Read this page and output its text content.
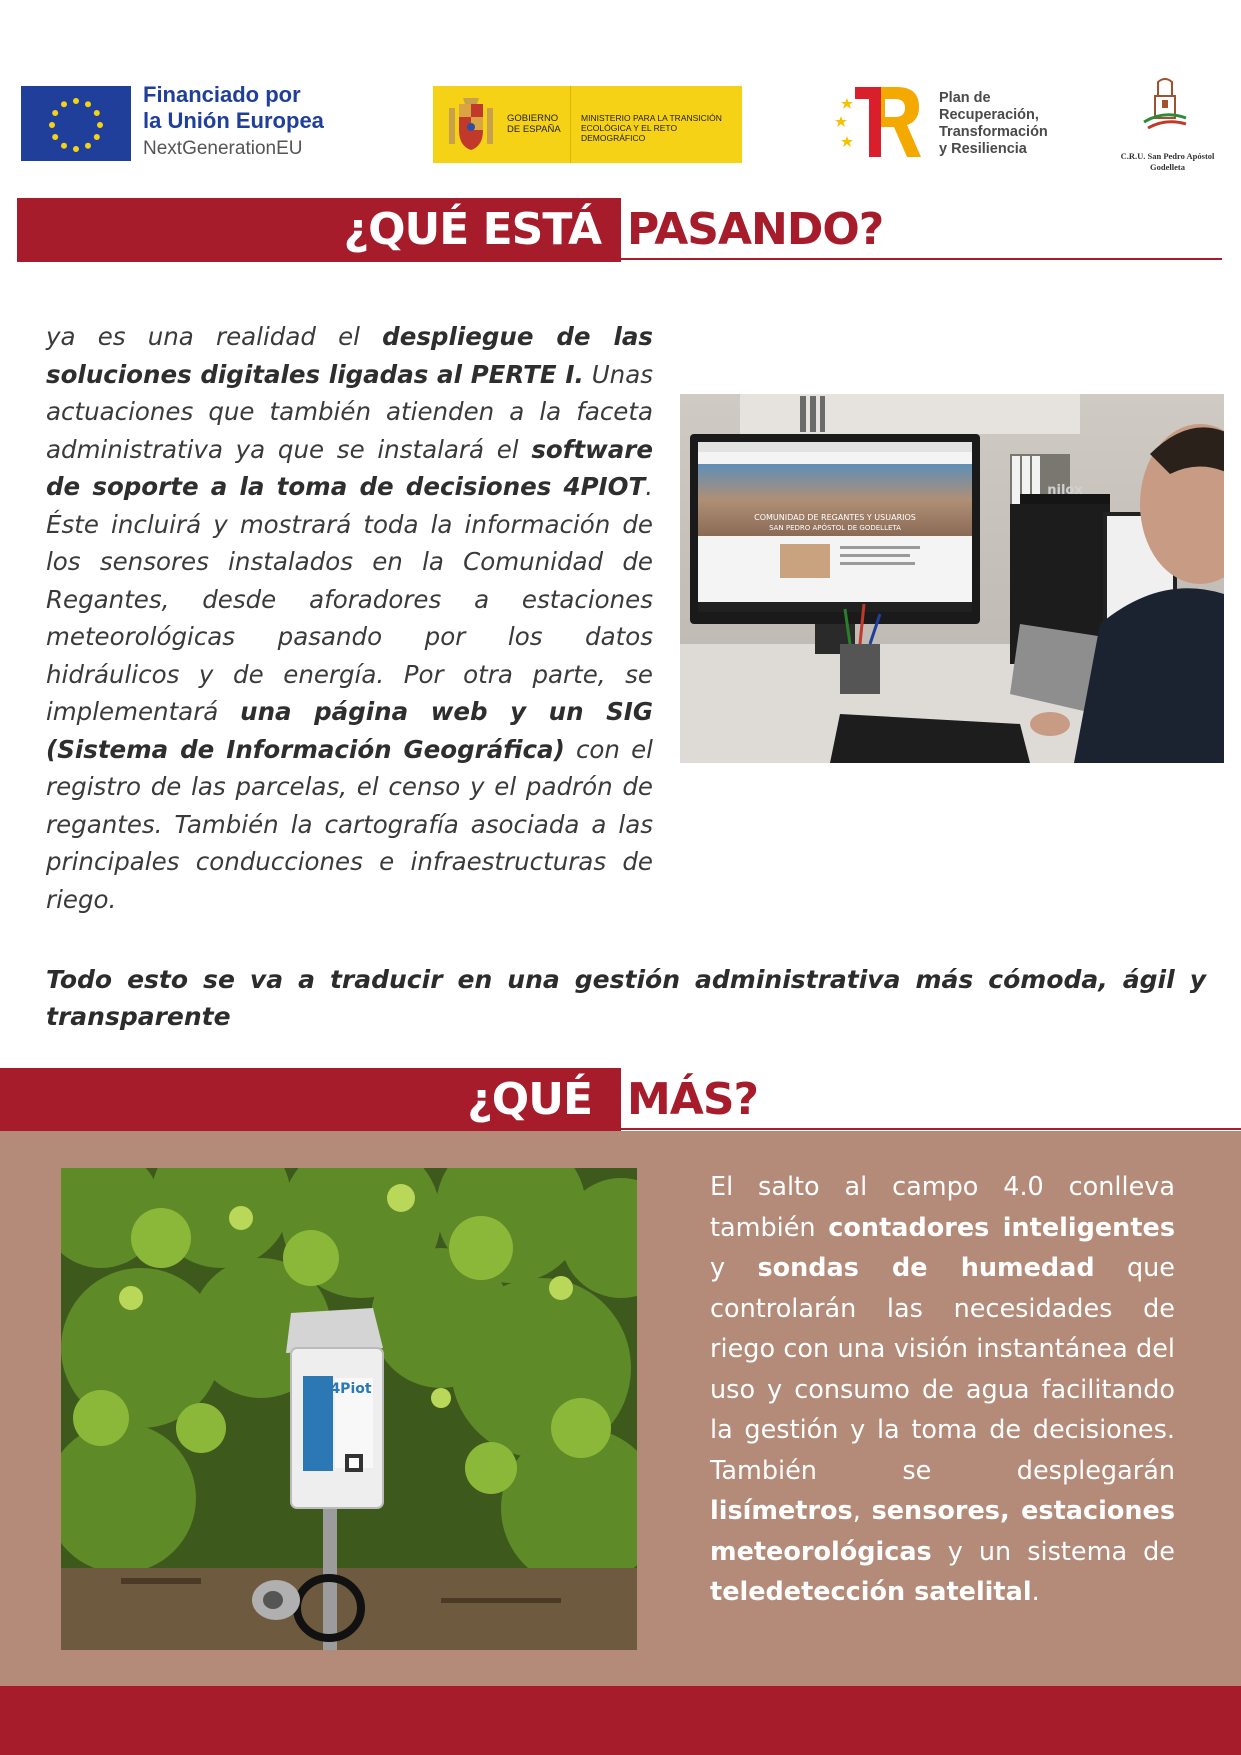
Financiado por
la Unión Europea
NextGenerationEU
GOBIERNO DE ESPAÑA
MINISTERIO PARA LA TRANSICIÓN ECOLÓGICA Y EL RETO DEMOGRÁFICO
Plan de
Recuperación,
Transformación
y Resiliencia	C.R.U. San Pedro Apóstol
Godelleta
¿QUÉ ESTÁ PASANDO?
ya es una realidad el despliegue de las soluciones digitales ligadas al PERTE I. Unas actuaciones que también atienden a la faceta administrativa ya que se instalará el software de soporte a la toma de decisiones 4PIOT. Éste incluirá y mostrará toda la información de los sensores instalados en la Comunidad de Regantes, desde aforadores a estaciones meteorológicas pasando por los datos hidráulicos y de energía. Por otra parte, se implementará una página web y un SIG (Sistema de Información Geográfica) con el registro de las parcelas, el censo y el padrón de regantes. También la cartografía asociada a las principales conducciones e infraestructuras de riego.
COMUNIDAD DE REGANTES Y USUARIOS
SAN PEDRO APÓSTOL DE GODELLETA
nilox
Todo esto se va a traducir en una gestión administrativa más cómoda, ágil y transparente
¿QUÉ MÁS?
4Piot
El salto al campo 4.0 conlleva también contadores inteligentes y sondas de humedad que controlarán las necesidades de riego con una visión instantánea del uso y consumo de agua facilitando la gestión y la toma de decisiones. También se desplegarán lisímetros, sensores, estaciones meteorológicas y un sistema de teledetección satelital.
